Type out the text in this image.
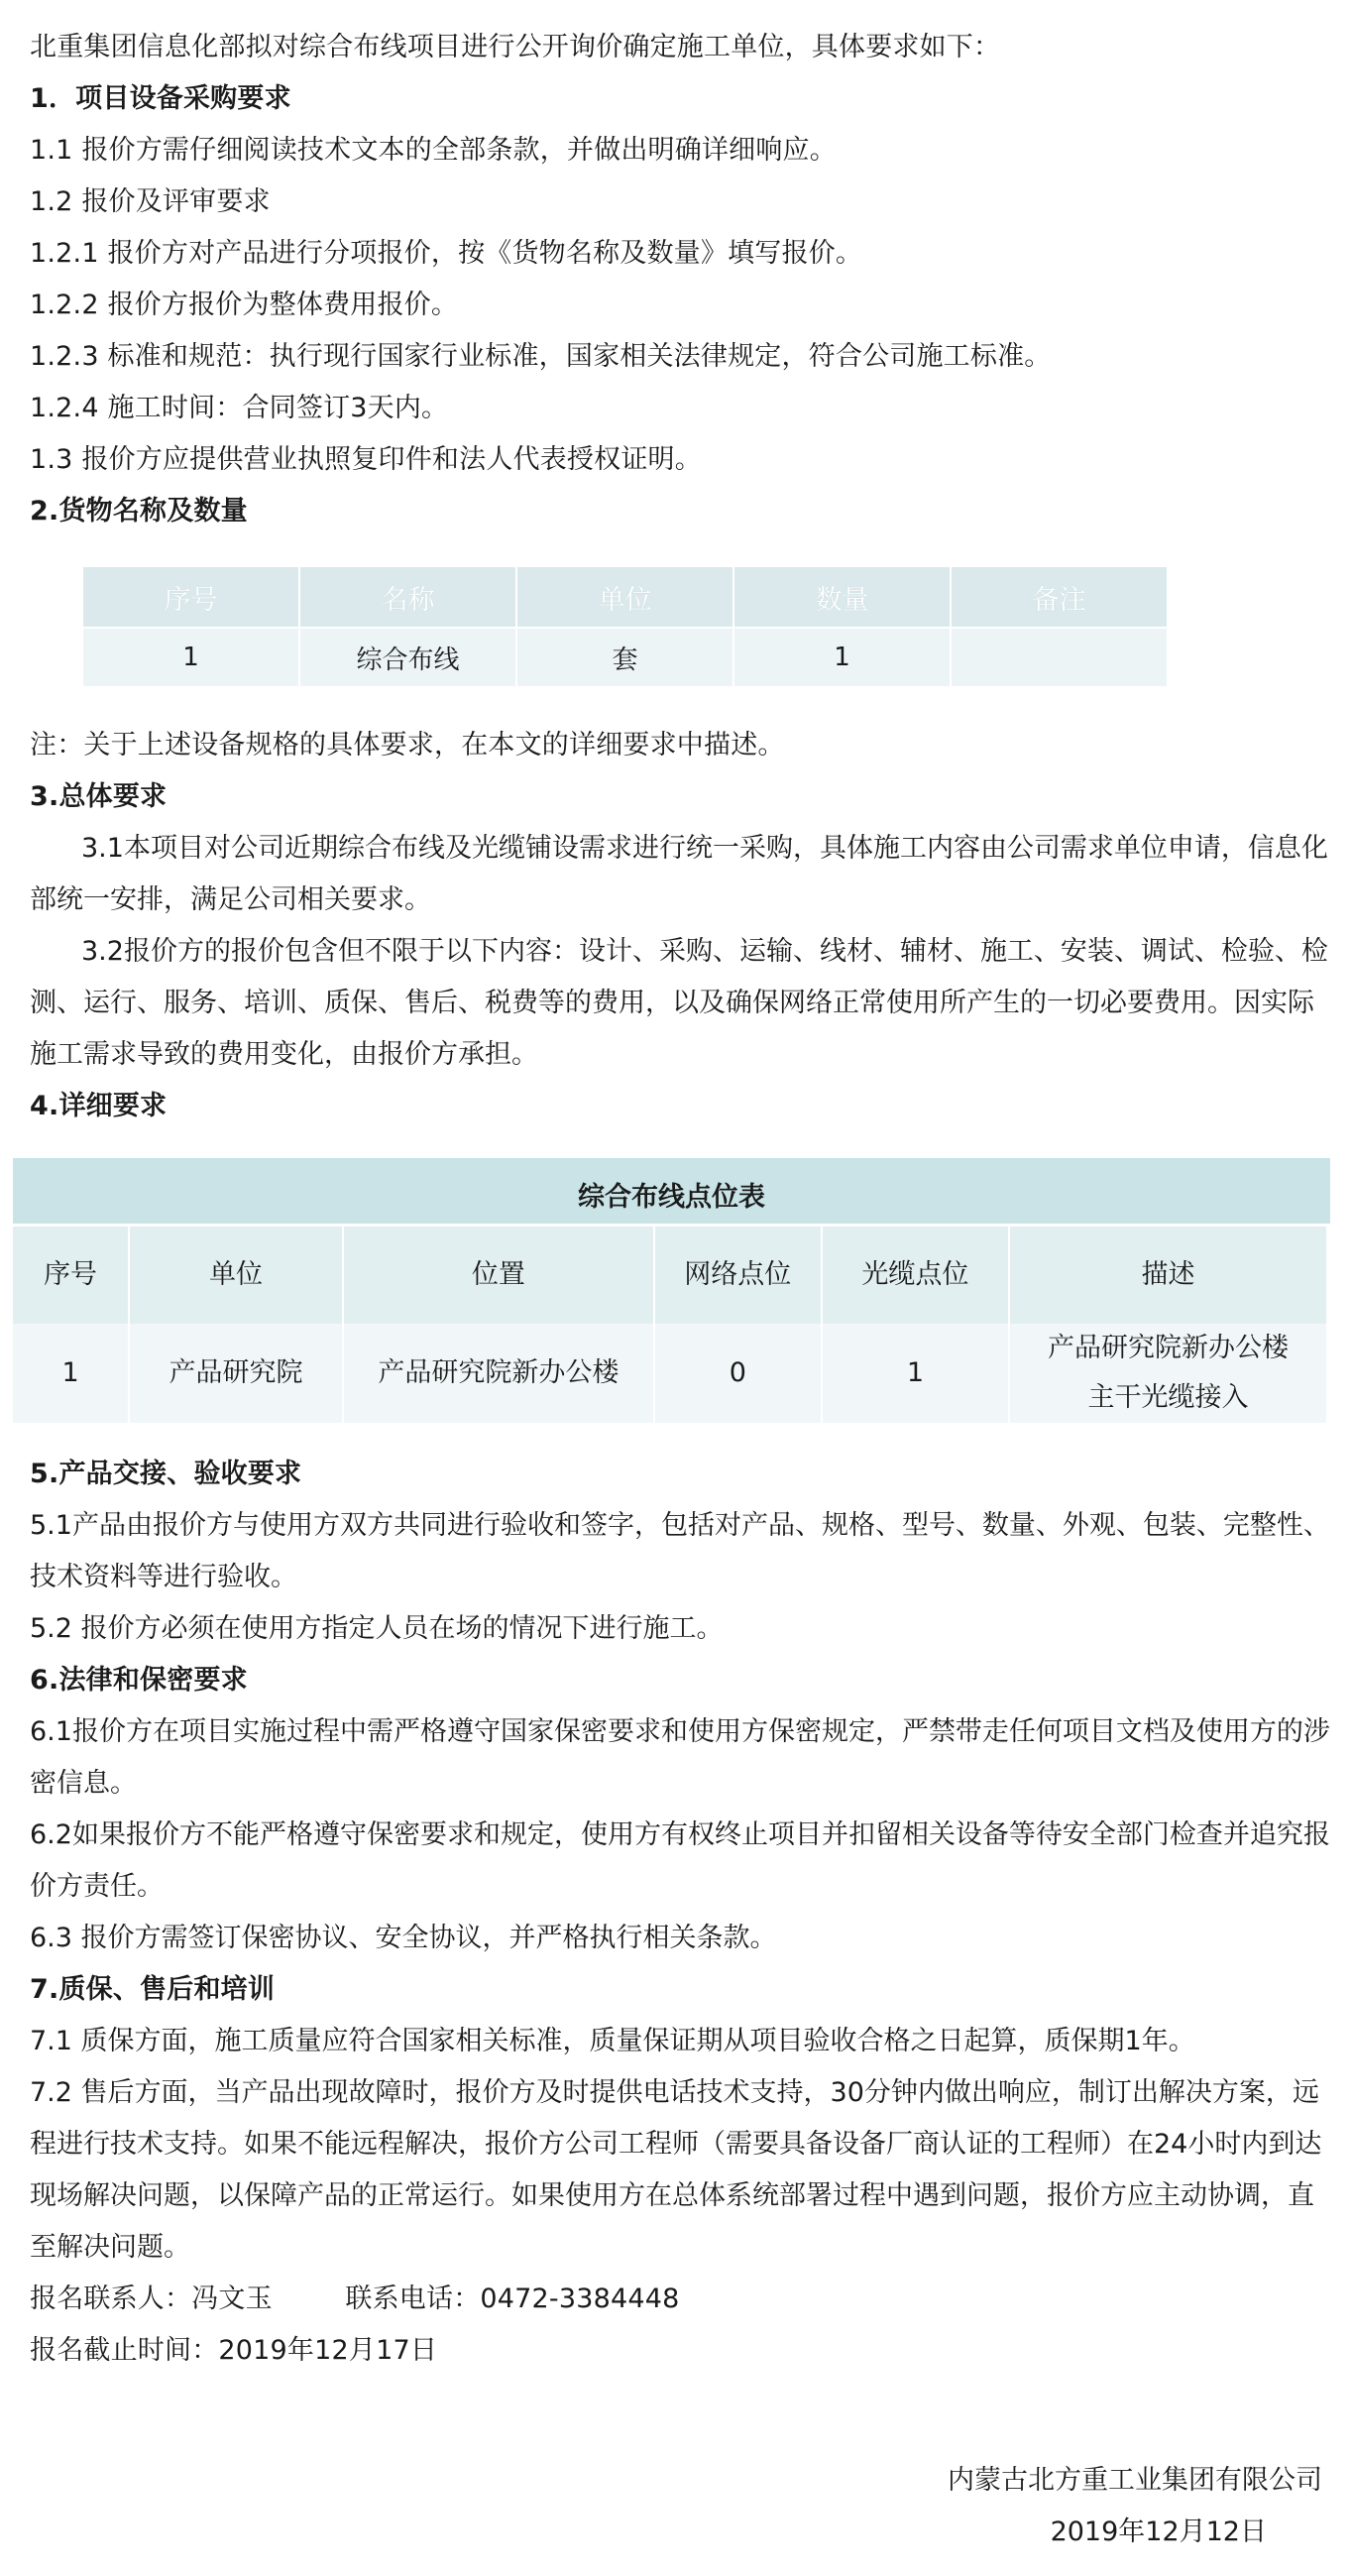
北重集团信息化部拟对综合布线项目进行公开询价确定施工单位，具体要求如下：
1．项目设备采购要求
1.1 报价方需仔细阅读技术文本的全部条款，并做出明确详细响应。
1.2 报价及评审要求
1.2.1 报价方对产品进行分项报价，按《货物名称及数量》填写报价。
1.2.2 报价方报价为整体费用报价。
1.2.3 标准和规范：执行现行国家行业标准，国家相关法律规定，符合公司施工标准。
1.2.4 施工时间：合同签订3天内。
1.3 报价方应提供营业执照复印件和法人代表授权证明。
2.货物名称及数量
序号	名称	单位	数量	备注
1	综合布线	套	1	
注：关于上述设备规格的具体要求，在本文的详细要求中描述。
3.总体要求
3.1本项目对公司近期综合布线及光缆铺设需求进行统一采购，具体施工内容由公司需求单位申请，信息化部统一安排，满足公司相关要求。
3.2报价方的报价包含但不限于以下内容：设计、采购、运输、线材、辅材、施工、安装、调试、检验、检测、运行、服务、培训、质保、售后、税费等的费用，以及确保网络正常使用所产生的一切必要费用。因实际施工需求导致的费用变化，由报价方承担。
4.详细要求
综合布线点位表
序号	单位	位置	网络点位	光缆点位	描述
1	产品研究院	产品研究院新办公楼	0	1	产品研究院新办公楼主干光缆接入
5.产品交接、验收要求
5.1产品由报价方与使用方双方共同进行验收和签字，包括对产品、规格、型号、数量、外观、包装、完整性、技术资料等进行验收。
5.2 报价方必须在使用方指定人员在场的情况下进行施工。
6.法律和保密要求
6.1报价方在项目实施过程中需严格遵守国家保密要求和使用方保密规定，严禁带走任何项目文档及使用方的涉密信息。
6.2如果报价方不能严格遵守保密要求和规定，使用方有权终止项目并扣留相关设备等待安全部门检查并追究报价方责任。
6.3 报价方需签订保密协议、安全协议，并严格执行相关条款。
7.质保、售后和培训
7.1 质保方面，施工质量应符合国家相关标准，质量保证期从项目验收合格之日起算，质保期1年。
7.2 售后方面，当产品出现故障时，报价方及时提供电话技术支持，30分钟内做出响应，制订出解决方案，远程进行技术支持。如果不能远程解决，报价方公司工程师（需要具备设备厂商认证的工程师）在24小时内到达现场解决问题，以保障产品的正常运行。如果使用方在总体系统部署过程中遇到问题，报价方应主动协调，直至解决问题。
报名联系人：冯文玉	联系电话：0472-3384448
报名截止时间：2019年12月17日
内蒙古北方重工业集团有限公司
2019年12月12日
